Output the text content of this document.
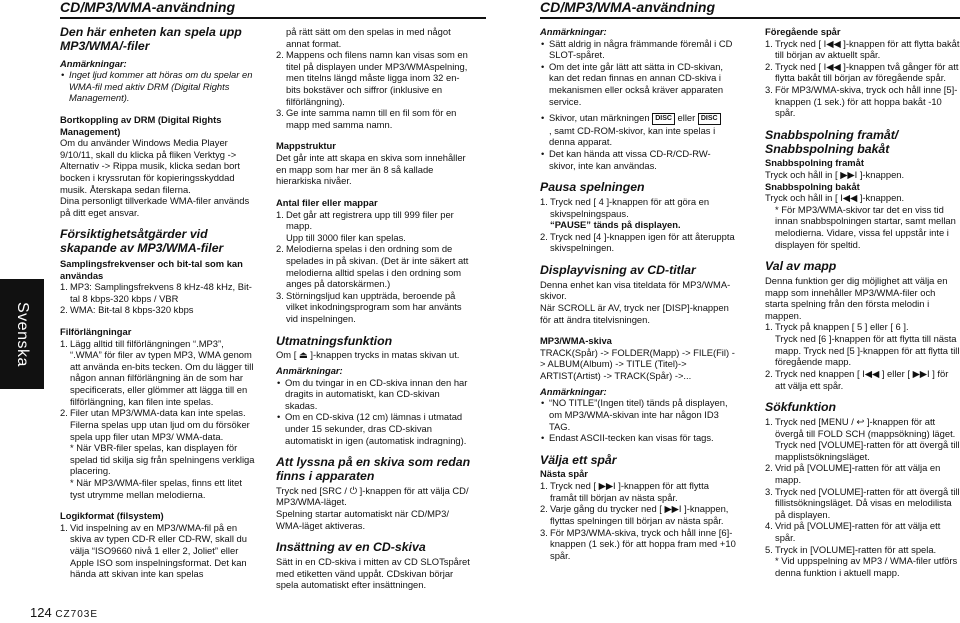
CD/MP3/WMA-användning	CD/MP3/WMA-användning
Svenska
Den här enheten kan spela upp MP3/WMA/-filer
Anmärkningar:
• Inget ljud kommer att höras om du spelar en WMA-fil med aktiv DRM (Digital Rights Management).

Bortkoppling av DRM (Digital Rights Management)

Om du använder Windows Media Player 9/10/11, skall du klicka på fliken Verktyg -> Alternativ -> Rippa musik, klicka sedan bort bocken i kryssrutan för kopieringsskyddad musik. Återskapa sedan filerna.

Dina personligt tillverkade WMA-filer används på ditt eget ansvar.

Försiktighetsåtgärder vid skapande av MP3/WMA-filer
Samplingsfrekvenser och bit-tal som kan användas
1. MP3: Samplingsfrekvens 8 kHz-48 kHz, Bit-tal 8 kbps-320 kbps / VBR
2. WMA: Bit-tal 8 kbps-320 kbps
Filförlängningar
1. Lägg alltid till filförlängningen “.MP3”, “.WMA” för filer av typen MP3, WMA genom att använda en-bits tecken. Om du lägger till någon annan filförlängning än de som har specificerats, eller glömmer att lägga till en filförlängning, kan filen inte spelas.
2. Filer utan MP3/WMA-data kan inte spelas. Filerna spelas upp utan ljud om du försöker spela upp filer utan MP3/ WMA-data.

* När VBR-filer spelas, kan displayen för spelad tid skilja sig från spelningens verkliga placering.

* När MP3/WMA-filer spelas, finns ett litet tyst utrymme mellan melodierna.

Logikformat (filsystem)
1. Vid inspelning av en MP3/WMA-fil på en skiva av typen CD-R eller CD-RW, skall du välja “ISO9660 nivå 1 eller 2, Joliet” eller Apple ISO som inspelningsformat. Det kan hända att skivan inte kan spelas

på rätt sätt om den spelas in med något annat format.

2. Mappens och filens namn kan visas som en titel på displayen under MP3/WMAspelning, men titelns längd måste ligga inom 32 en-bits bokstäver och siffror (inklusive en filförlängning).
3. Ge inte samma namn till en fil som för en mapp med samma namn.
Mappstruktur

Det går inte att skapa en skiva som innehåller en mapp som har mer än 8 så kallade hierarkiska nivåer.

Antal filer eller mappar
1. Det går att registrera upp till 999 filer per mapp.

Upp till 3000 filer kan spelas.

2. Melodierna spelas i den ordning som de spelades in på skivan. (Det är inte säkert att melodierna alltid spelas i den ordning som anges på datorskärmen.)
3. Störningsljud kan uppträda, beroende på vilket inkodningsprogram som har använts vid inspelningen.
Utmatningsfunktion

Om [ ⏏ ]-knappen trycks in matas skivan ut.

Anmärkningar:
• Om du tvingar in en CD-skiva innan den har dragits in automatiskt, kan CD-skivan skadas.
• Om en CD-skiva (12 cm) lämnas i utmatad under 15 sekunder, dras CD-skivan automatiskt in igen (automatisk indragning).
Att lyssna på en skiva som redan finns i apparaten

Tryck ned [SRC / ⏻ ]-knappen för att välja CD/ MP3/WMA-läget.

Spelning startar automatiskt när CD/MP3/ WMA-läget aktiveras.

Insättning av en CD-skiva

Sätt in en CD-skiva i mitten av CD SLOTspåret med etiketten vänd uppåt. CDskivan börjar spela automatiskt efter insättningen.

Anmärkningar:
• Sätt aldrig in några främmande föremål i CD SLOT-spåret.
• Om det inte går lätt att sätta in CD-skivan, kan det redan finnas en annan CD-skiva i mekanismen eller också kräver apparaten service.
• Skivor, utan märkningen DISC eller DISC
, samt CD-ROM-skivor, kan inte spelas i denna apparat.
• Det kan hända att vissa CD-R/CD-RW-skivor, inte kan användas.
Pausa spelningen
1. Tryck ned [ 4 ]-knappen för att göra en skivspelningspaus.

“PAUSE” tänds på displayen.

2. Tryck ned [4 ]-knappen igen för att återuppta skivspelningen.
Displayvisning av CD-titlar

Denna enhet kan visa titeldata för MP3/WMA-skivor.

När SCROLL är AV, tryck ner [DISP]-knappen för att ändra titelvisningen.

MP3/WMA-skiva

TRACK(Spår) -> FOLDER(Mapp) -> FILE(Fil) -> ALBUM(Album) -> TITLE (Titel)-> ARTIST(Artist) -> TRACK(Spår) ->...

Anmärkningar:
• “NO TITLE”(Ingen titel) tänds på displayen, om MP3/WMA-skivan inte har någon ID3 TAG.
• Endast ASCII-tecken kan visas för tags.
Välja ett spår
Nästa spår
1. Tryck ned [ ▶▶I ]-knappen för att flytta framåt till början av nästa spår.
2. Varje gång du trycker ned [ ▶▶I ]-knappen, flyttas spelningen till början av nästa spår.
3. För MP3/WMA-skiva, tryck och håll inne [6]-knappen (1 sek.) för att hoppa fram med +10 spår.
Föregående spår
1. Tryck ned [ I◀◀ ]-knappen för att flytta bakåt till början av aktuellt spår.
2. Tryck ned [ I◀◀ ]-knappen två gånger för att flytta bakåt till början av föregående spår.
3. För MP3/WMA-skiva, tryck och håll inne [5]-knappen (1 sek.) för att hoppa bakåt -10 spår.
Snabbspolning framåt/ Snabbspolning bakåt
Snabbspolning framåt

Tryck och håll in [ ▶▶I ]-knappen.

Snabbspolning bakåt

Tryck och håll in [ I◀◀ ]-knappen.

* För MP3/WMA-skivor tar det en viss tid innan snabbspolningen startar, samt mellan melodierna. Vidare, vissa fel uppstår inte i displayen för speltid.

Val av mapp

Denna funktion ger dig möjlighet att välja en mapp som innehåller MP3/WMA-filer och starta spelning från den första melodin i mappen.

1. Tryck på knappen [ 5 ] eller [ 6 ].

Tryck ned [6 ]-knappen för att flytta till nästa mapp. Tryck ned [5 ]-knappen för att flytta till föregående mapp.

2. Tryck ned knappen [ I◀◀ ] eller [ ▶▶I ] för att välja ett spår.
Sökfunktion
1. Tryck ned [MENU / ↩ ]-knappen för att övergå till FOLD SCH (mappsökning) läget. Tryck ned [VOLUME]-ratten för att övergå till mapplistsökningsläget.
2. Vrid på [VOLUME]-ratten för att välja en mapp.
3. Tryck ned [VOLUME]-ratten för att övergå till fillistsökningsläget. Då visas en melodilista på displayen.
4. Vrid på [VOLUME]-ratten för att välja ett spår.
5. Tryck in [VOLUME]-ratten för att spela.

* Vid uppspelning av MP3 / WMA-filer utförs denna funktion i aktuell mapp.

124 CZ703E
